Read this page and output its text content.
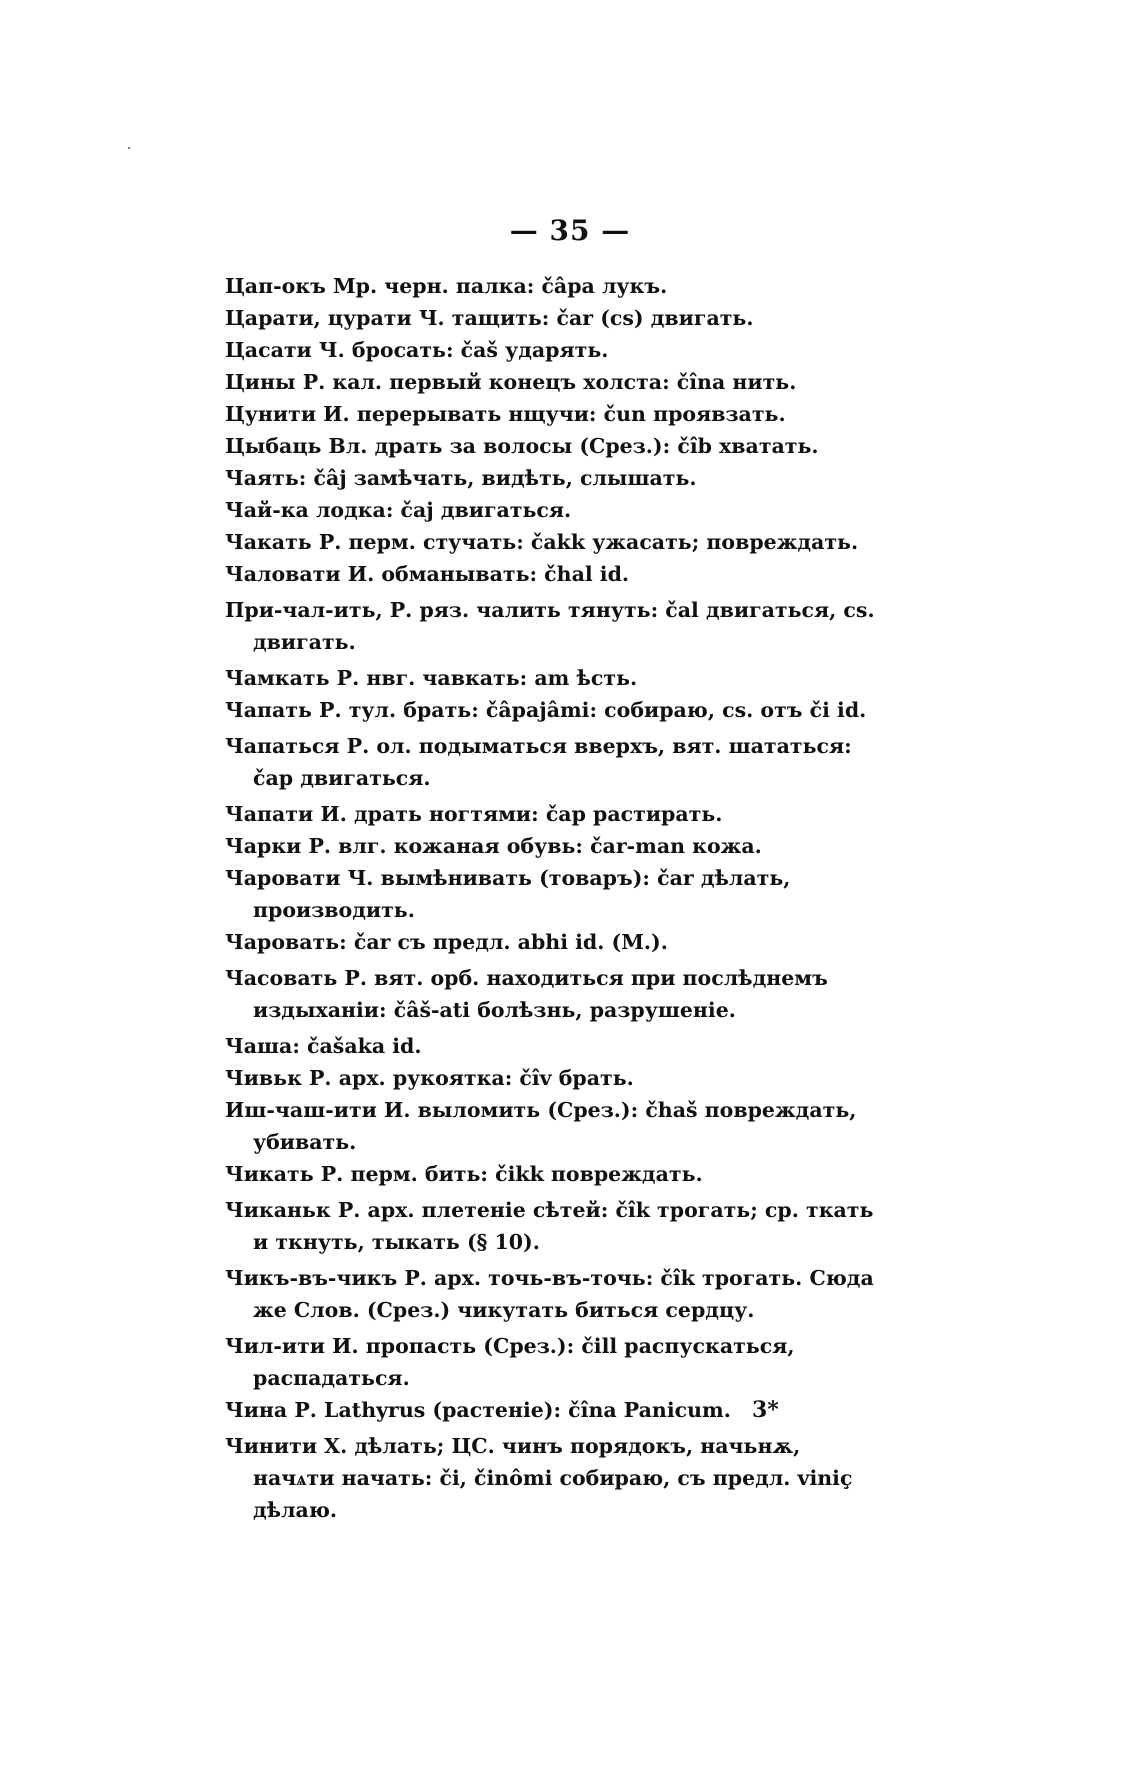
— 35 —

Цап-окъ Мр. черн. палка: čâpa лукъ.

Царати, цурати Ч. тащить: čar (cs) двигать.

Цасати Ч. бросать: čaš ударять.

Цины Р. кал. первый конецъ холста: čîna нить.

Цунити И. перерывать нщучи: čun проявзать.

Цыбаць Вл. драть за волосы (Срез.): čîb хватать.

Чаять: čâj замѣчать, видѣть, слышать.

Чай-ка лодка: čaj двигаться.

Чакать Р. перм. стучать: čakk ужасать; повреждать.

Чаловати И. обманывать: čhal id.

При-чал-ить, Р. ряз. чалить тянуть: čal двигаться, cs. двигать.

Чамкать Р. нвг. чавкать: am ѣсть.

Чапать Р. тул. брать: čâpajâmi: собираю, cs. отъ či id.

Чапаться Р. ол. подыматься вверхъ, вят. шататься: čap двигаться.

Чапати И. драть ногтями: čap растирать.

Чарки Р. влг. кожаная обувь: čar-man кожа.

Чаровати Ч. вымѣнивать (товаръ): čar дѣлать, производить.

Чаровать: čar съ предл. abhi id. (M.).

Часовать Р. вят. орб. находиться при послѣднемъ издыханіи: čâš-ati болѣзнь, разрушеніе.

Чаша: čašaka id.

Чивьк Р. арх. рукоятка: čîv брать.

Иш-чаш-ити И. выломить (Срез.): čhaš повреждать, убивать.

Чикать Р. перм. бить: čikk повреждать.

Чиканьк Р. арх. плетеніе сѣтей: čîk трогать; ср. ткать и ткнуть, тыкать (§ 10).

Чикъ-въ-чикъ Р. арх. точь-въ-точь: čîk трогать. Сюда же Слов. (Срез.) чикутать биться сердцу.

Чил-ити И. пропасть (Срез.): čill распускаться, распадаться.

Чина Р. Lathyrus (растеніе): čîna Panicum.

Чинити Х. дѣлать; ЦС. чинъ порядокъ, начьнѫ, начѧти начать: či, činômi собираю, съ предл. viniç дѣлаю.

3*
